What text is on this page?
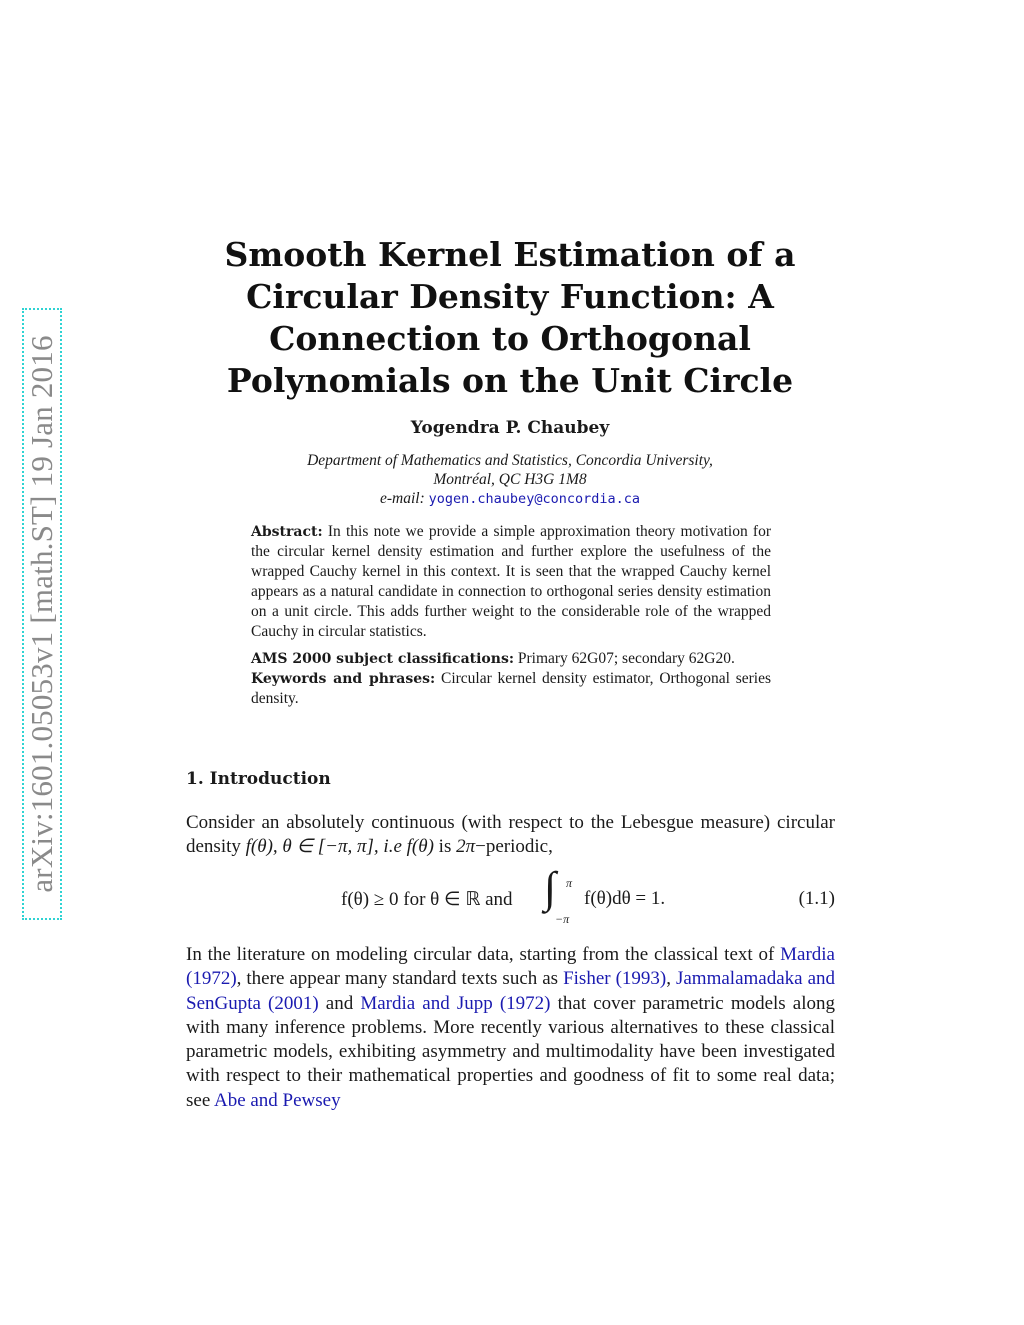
arXiv:1601.05053v1 [math.ST] 19 Jan 2016
Smooth Kernel Estimation of a
Circular Density Function: A
Connection to Orthogonal
Polynomials on the Unit Circle
Yogendra P. Chaubey
Department of Mathematics and Statistics, Concordia University,
Montréal, QC H3G 1M8
e-mail: yogen.chaubey@concordia.ca

Abstract: In this note we provide a simple approximation theory motivation for the circular kernel density estimation and further explore the usefulness of the wrapped Cauchy kernel in this context. It is seen that the wrapped Cauchy kernel appears as a natural candidate in connection to orthogonal series density estimation on a unit circle. This adds further weight to the considerable role of the wrapped Cauchy in circular statistics.

AMS 2000 subject classifications: Primary 62G07; secondary 62G20.

Keywords and phrases: Circular kernel density estimator, Orthogonal series density.

1. Introduction

Consider an absolutely continuous (with respect to the Lebesgue measure) circular density f(θ), θ ∈ [−π, π], i.e f(θ) is 2π−periodic,

f(θ) ≥ 0 for θ ∈ ℝ and ∫ π
−π
f(θ)dθ = 1.	(1.1)

In the literature on modeling circular data, starting from the classical text of Mardia (1972), there appear many standard texts such as Fisher (1993), Jammalamadaka and SenGupta (2001) and Mardia and Jupp (1972) that cover parametric models along with many inference problems. More recently various alternatives to these classical parametric models, exhibiting asymmetry and multimodality have been investigated with respect to their mathematical properties and goodness of fit to some real data; see Abe and Pewsey
